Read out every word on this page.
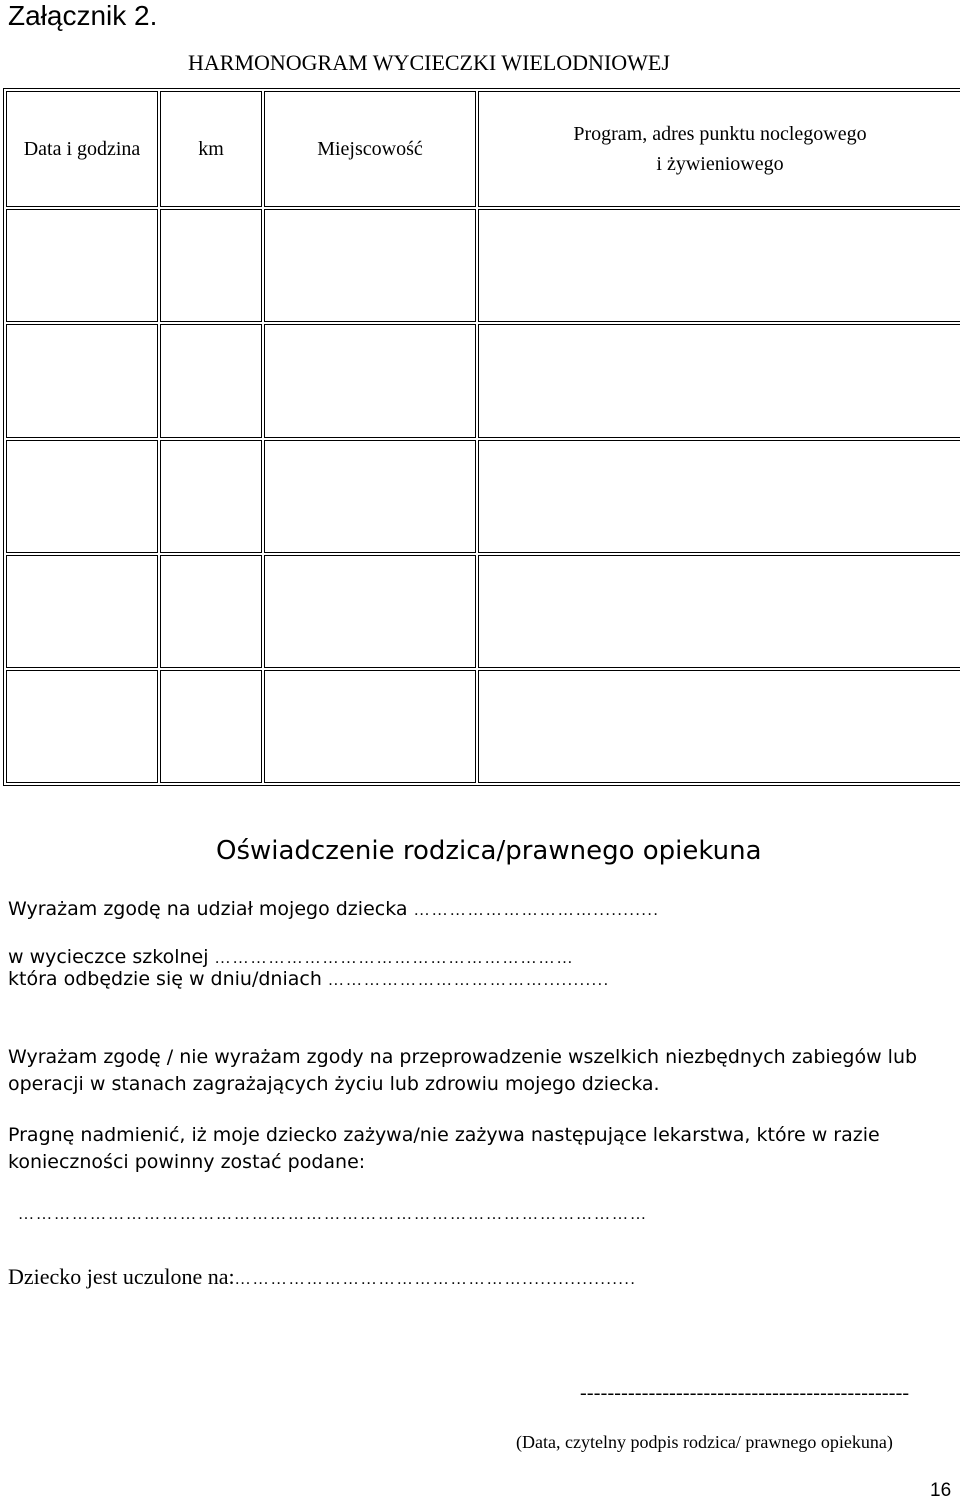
Załącznik 2.
HARMONOGRAM WYCIECZKI WIELODNIOWEJ
Data i godzina	km	Miejscowość	Program, adres punktu noclegowego
i żywieniowego

Oświadczenie rodzica/prawnego opiekuna
Wyrażam zgodę na udział mojego dziecka …………………………...........
w wycieczce szkolnej ……………………………………………………
która odbędzie się w dniu/dniach ………………………………...........
Wyrażam zgodę / nie wyrażam zgody na przeprowadzenie wszelkich niezbędnych zabiegów lub operacji w stanach zagrażających życiu lub zdrowiu mojego dziecka.
Pragnę nadmienić, iż moje dziecko zażywa/nie zażywa następujące lekarstwa, które w razie konieczności powinny zostać podane:
……………………………………………………………………………………………
Dziecko jest uczulone na:…………………………………………...................
------------------------------------------------
(Data, czytelny podpis rodzica/ prawnego opiekuna)
16
